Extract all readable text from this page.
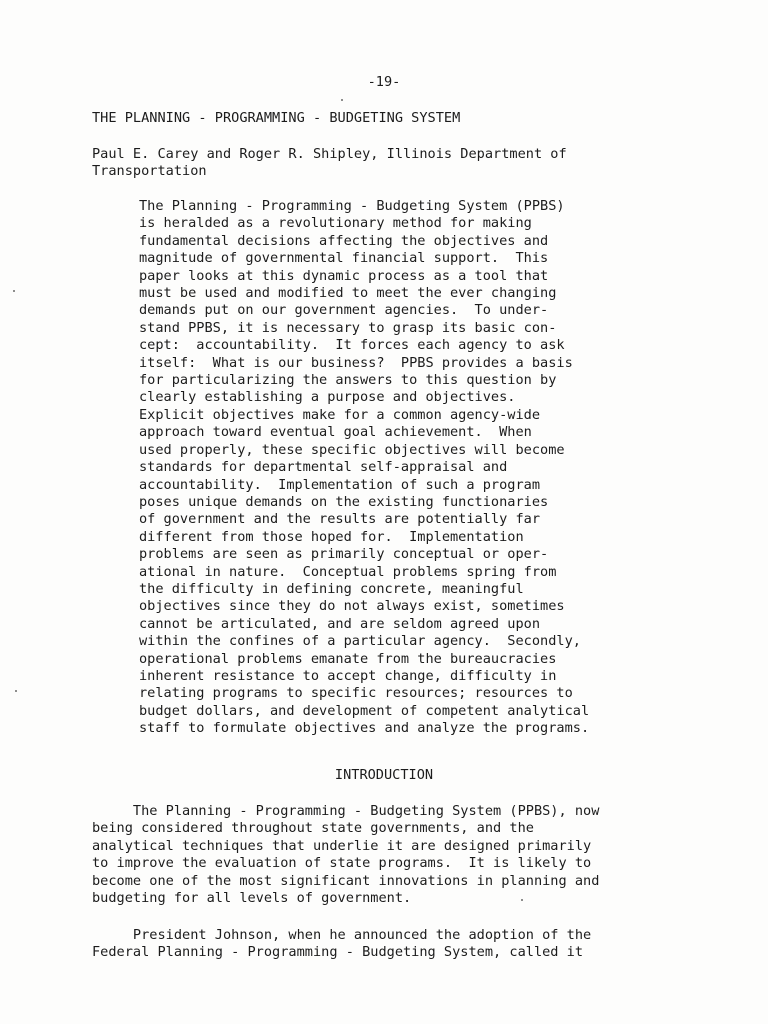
-19-
THE PLANNING - PROGRAMMING - BUDGETING SYSTEM
Paul E. Carey and Roger R. Shipley, Illinois Department of
Transportation
The Planning - Programming - Budgeting System (PPBS)
is heralded as a revolutionary method for making
fundamental decisions affecting the objectives and
magnitude of governmental financial support.  This
paper looks at this dynamic process as a tool that
must be used and modified to meet the ever changing
demands put on our government agencies.  To under-
stand PPBS, it is necessary to grasp its basic con-
cept:  accountability.  It forces each agency to ask
itself:  What is our business?  PPBS provides a basis
for particularizing the answers to this question by
clearly establishing a purpose and objectives.
Explicit objectives make for a common agency-wide
approach toward eventual goal achievement.  When
used properly, these specific objectives will become
standards for departmental self-appraisal and
accountability.  Implementation of such a program
poses unique demands on the existing functionaries
of government and the results are potentially far
different from those hoped for.  Implementation
problems are seen as primarily conceptual or oper-
ational in nature.  Conceptual problems spring from
the difficulty in defining concrete, meaningful
objectives since they do not always exist, sometimes
cannot be articulated, and are seldom agreed upon
within the confines of a particular agency.  Secondly,
operational problems emanate from the bureaucracies
inherent resistance to accept change, difficulty in
relating programs to specific resources; resources to
budget dollars, and development of competent analytical
staff to formulate objectives and analyze the programs.
INTRODUCTION
The Planning - Programming - Budgeting System (PPBS), now
being considered throughout state governments, and the
analytical techniques that underlie it are designed primarily
to improve the evaluation of state programs.  It is likely to
become one of the most significant innovations in planning and
budgeting for all levels of government.
President Johnson, when he announced the adoption of the
Federal Planning - Programming - Budgeting System, called it
